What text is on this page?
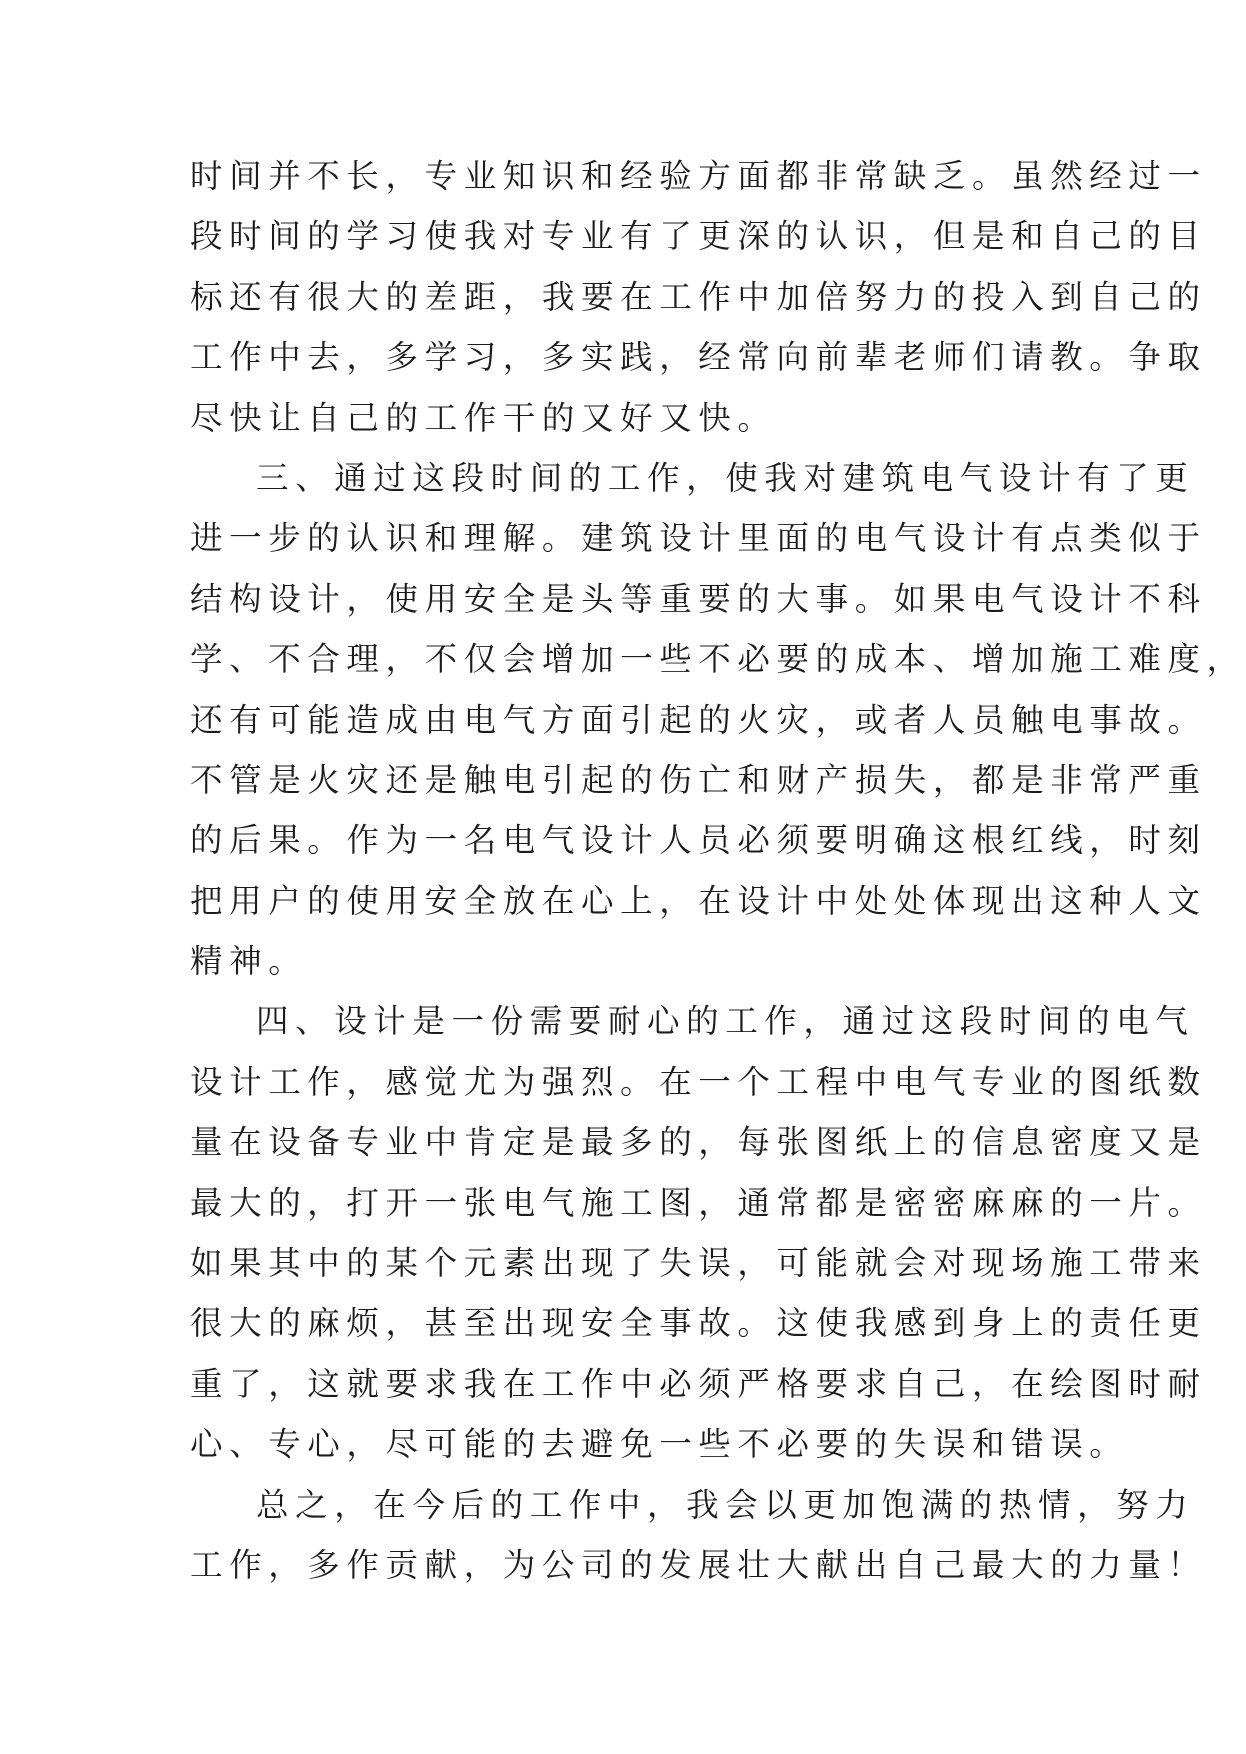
时间并不长，专业知识和经验方面都非常缺乏。虽然经过一
段时间的学习使我对专业有了更深的认识，但是和自己的目
标还有很大的差距，我要在工作中加倍努力的投入到自己的
工作中去，多学习，多实践，经常向前辈老师们请教。争取
尽快让自己的工作干的又好又快。
三、通过这段时间的工作，使我对建筑电气设计有了更
进一步的认识和理解。建筑设计里面的电气设计有点类似于
结构设计，使用安全是头等重要的大事。如果电气设计不科
学、不合理，不仅会增加一些不必要的成本、增加施工难度，
还有可能造成由电气方面引起的火灾，或者人员触电事故。
不管是火灾还是触电引起的伤亡和财产损失，都是非常严重
的后果。作为一名电气设计人员必须要明确这根红线，时刻
把用户的使用安全放在心上，在设计中处处体现出这种人文
精神。
四、设计是一份需要耐心的工作，通过这段时间的电气
设计工作，感觉尤为强烈。在一个工程中电气专业的图纸数
量在设备专业中肯定是最多的，每张图纸上的信息密度又是
最大的，打开一张电气施工图，通常都是密密麻麻的一片。
如果其中的某个元素出现了失误，可能就会对现场施工带来
很大的麻烦，甚至出现安全事故。这使我感到身上的责任更
重了，这就要求我在工作中必须严格要求自己，在绘图时耐
心、专心，尽可能的去避免一些不必要的失误和错误。
总之，在今后的工作中，我会以更加饱满的热情，努力
工作，多作贡献，为公司的发展壮大献出自己最大的力量！
